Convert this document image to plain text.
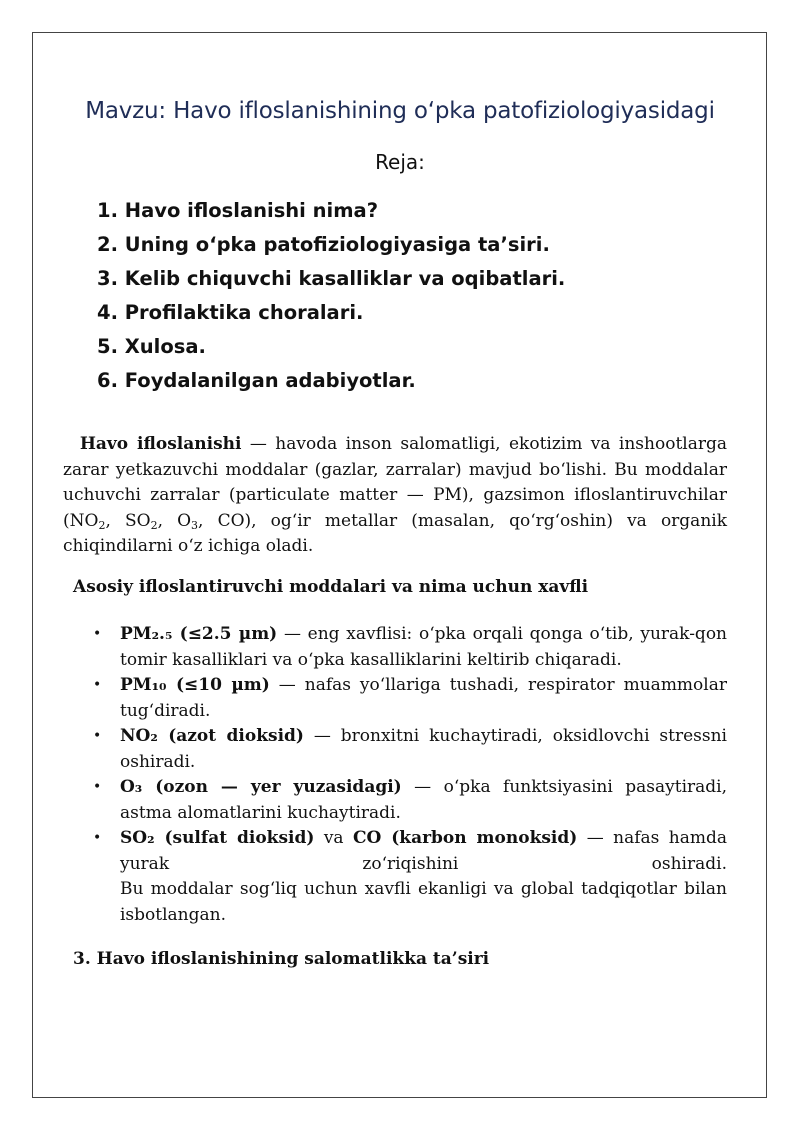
Mavzu: Havo ifloslanishining o‘pka patofiziologiyasidagi
Reja:
1. Havo ifloslanishi nima?
2. Uning o‘pka patofiziologiyasiga ta’siri.
3. Kelib chiquvchi kasalliklar va oqibatlari.
4. Profilaktika choralari.
5. Xulosa.
6. Foydalanilgan adabiyotlar.

Havo ifloslanishi — havoda inson salomatligi, ekotizim va inshootlarga zarar yetkazuvchi moddalar (gazlar, zarralar) mavjud bo‘lishi. Bu moddalar uchuvchi zarralar (particulate matter — PM), gazsimon ifloslantiruvchilar ($NO_2$, $SO_2$, $O_3$, CO), og‘ir metallar (masalan, qo‘rg‘oshin) va organik chiqindilarni o‘z ichiga oladi.

Asosiy ifloslantiruvchi moddalari va nima uchun xavfli

• PM₂.₅ (≤2.5 µm) — eng xavflisi: o‘pka orqali qonga o‘tib, yurak-qon tomir kasalliklari va o‘pka kasalliklarini keltirib chiqaradi.
• PM₁₀ (≤10 µm) — nafas yo‘llariga tushadi, respirator muammolar tug‘diradi.
• NO₂ (azot dioksid) — bronxitni kuchaytiradi, oksidlovchi stressni oshiradi.
• O₃ (ozon — yer yuzasidagi) — o‘pka funktsiyasini pasaytiradi, astma alomatlarini kuchaytiradi.
• SO₂ (sulfat dioksid) va CO (karbon monoksid) — nafas hamda
yurak	zo‘riqishini	oshiradi.
Bu moddalar sog‘liq uchun xavfli ekanligi va global tadqiqotlar bilan isbotlangan.

3. Havo ifloslanishining salomatlikka ta’siri
